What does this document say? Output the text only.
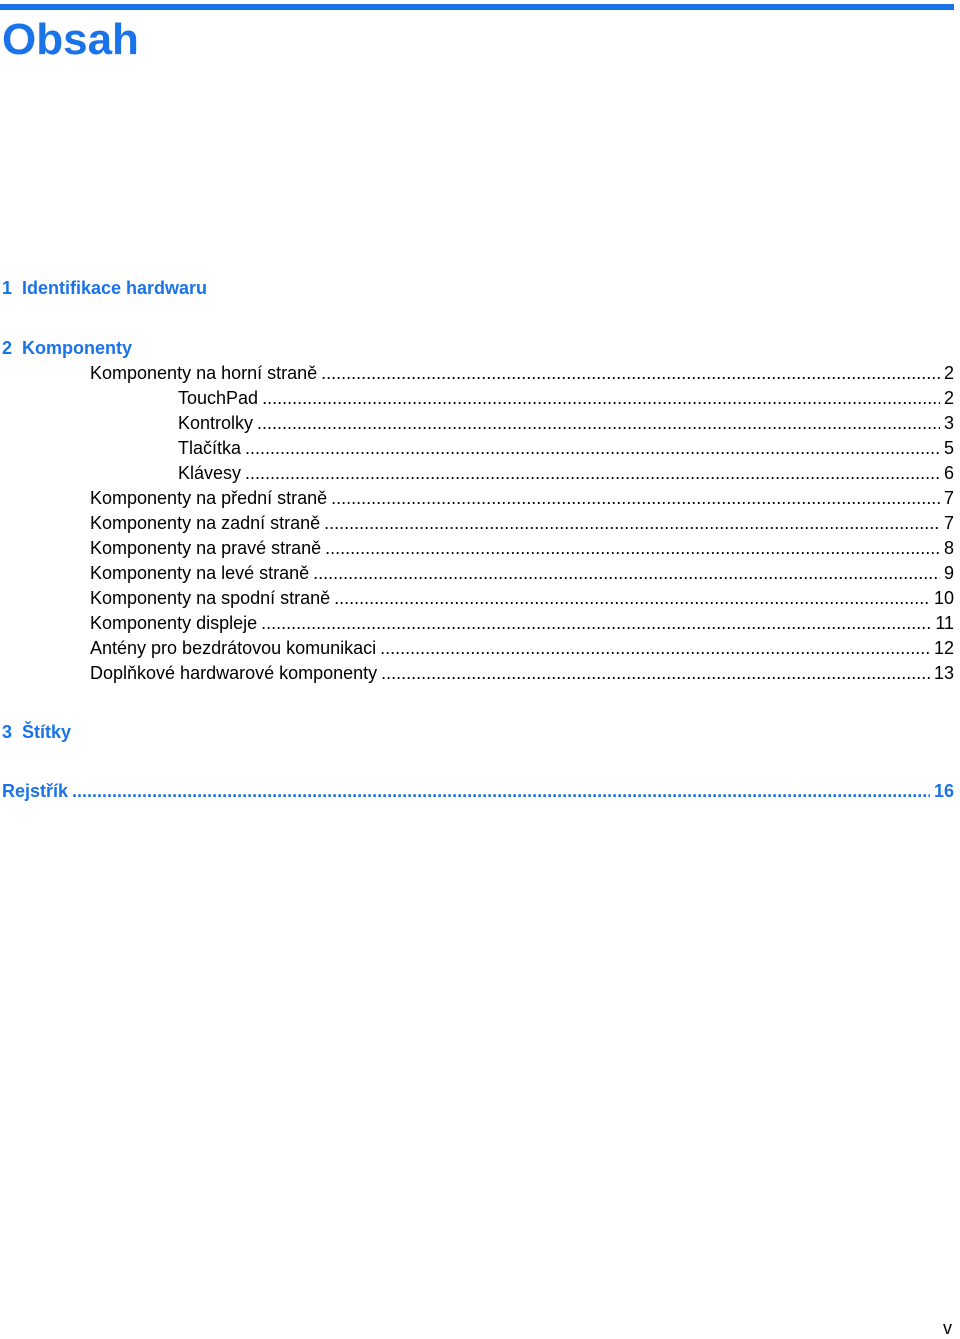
Obsah
1 Identifikace hardwaru
2 Komponenty
Komponenty na horní straně .....	2
TouchPad .....	2
Kontrolky .....	3
Tlačítka .....	5
Klávesy .....	6
Komponenty na přední straně .....	7
Komponenty na zadní straně .....	7
Komponenty na pravé straně .....	8
Komponenty na levé straně .....	9
Komponenty na spodní straně .....	10
Komponenty displeje .....	11
Antény pro bezdrátovou komunikaci .....	12
Doplňkové hardwarové komponenty .....	13
3 Štítky
Rejstřík .....	16
v
